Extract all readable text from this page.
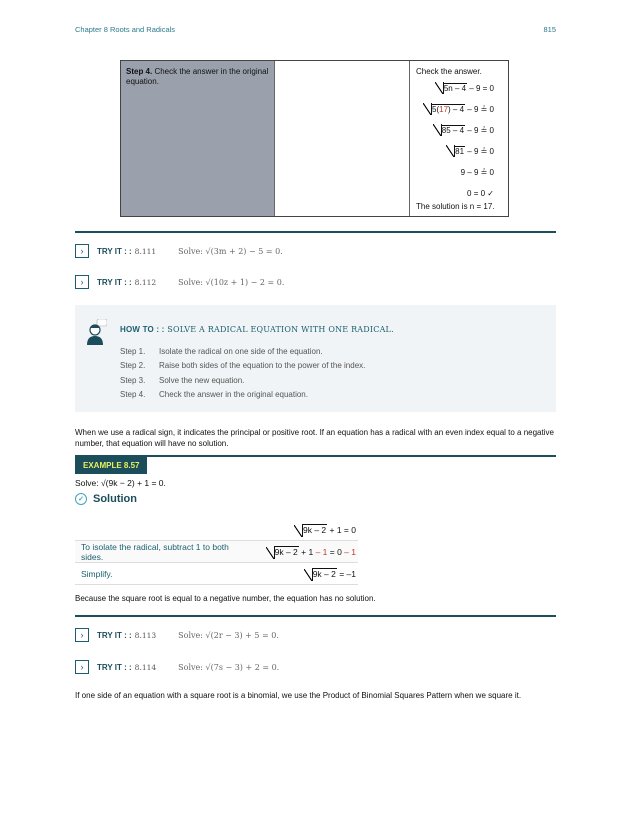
Chapter 8 Roots and Radicals	815
Step 4. Check the answer in the original equation.
Check the answer.
5n – 4 – 9 = 0
5(17) – 4 – 9 ≟ 0
85 – 4 – 9 ≟ 0
81 – 9 ≟ 0
9 – 9 ≟ 0
0 = 0 ✓
The solution is n = 17.
›	TRY IT : : 8.111	Solve: √(3m + 2) − 5 = 0.
›	TRY IT : : 8.112	Solve: √(10z + 1) − 2 = 0.
HOW TO : : SOLVE A RADICAL EQUATION WITH ONE RADICAL.
Step 1. Isolate the radical on one side of the equation.
Step 2. Raise both sides of the equation to the power of the index.
Step 3. Solve the new equation.
Step 4. Check the answer in the original equation.
When we use a radical sign, it indicates the principal or positive root. If an equation has a radical with an even index equal to a negative number, that equation will have no solution.
EXAMPLE 8.57
Solve: √(9k − 2) + 1 = 0.
✓ Solution
9k – 2 + 1 = 0
To isolate the radical, subtract 1 to both sides.	9k – 2 + 1 – 1 = 0 – 1
Simplify.	9k – 2 = –1
Because the square root is equal to a negative number, the equation has no solution.
›	TRY IT : : 8.113	Solve: √(2r − 3) + 5 = 0.
›	TRY IT : : 8.114	Solve: √(7s − 3) + 2 = 0.
If one side of an equation with a square root is a binomial, we use the Product of Binomial Squares Pattern when we square it.
